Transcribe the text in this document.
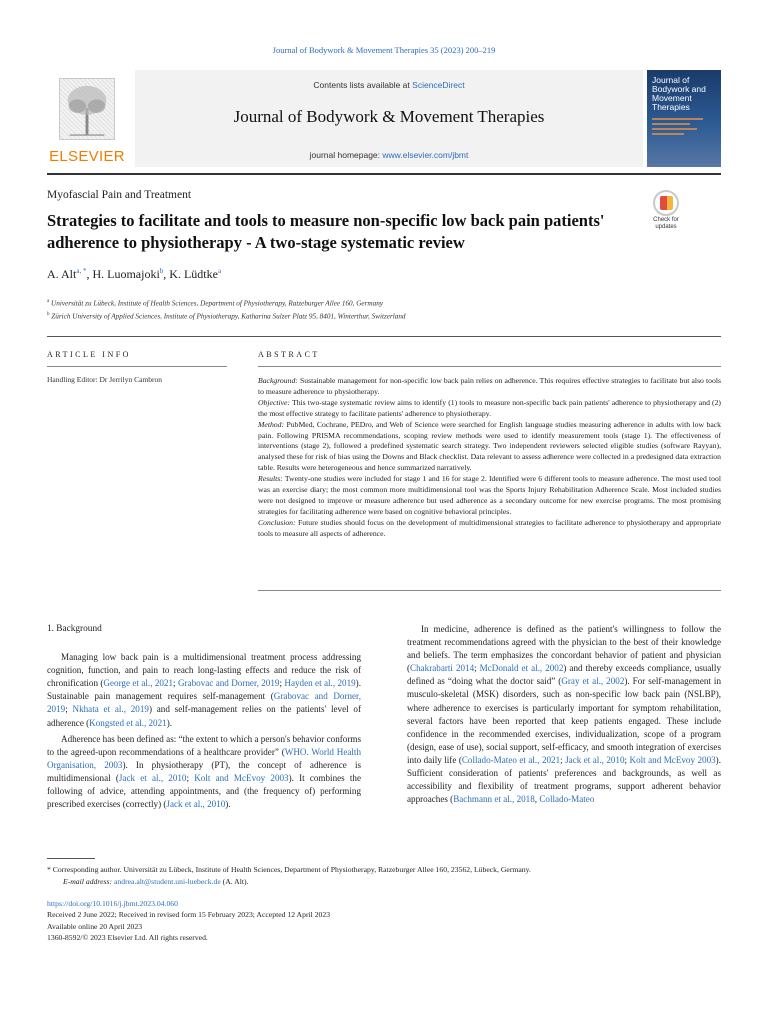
Journal of Bodywork & Movement Therapies 35 (2023) 200–219
ELSEVIER
Contents lists available at ScienceDirect
Journal of Bodywork & Movement Therapies
journal homepage: www.elsevier.com/jbmt
Journal of Bodywork and Movement Therapies
Myofascial Pain and Treatment
Strategies to facilitate and tools to measure non-specific low back pain patients' adherence to physiotherapy - A two-stage systematic review
Check for updates
A. Alt$^{a, *}$, H. Luomajoki$^b$, K. Lüdtke$^a$
$^a$ Universität zu Lübeck, Institute of Health Sciences, Department of Physiotherapy, Ratzeburger Allee 160, Germany
$^b$ Zürich University of Applied Sciences, Institute of Physiotherapy, Katharina Sulzer Platz 95, 8401, Winterthur, Switzerland
ARTICLE INFO	ABSTRACT
Handling Editor: Dr Jerrilyn Cambron	Background: Sustainable management for non-specific low back pain relies on adherence. This requires effective strategies to facilitate but also tools to measure adherence to physiotherapy.

Objective: This two-stage systematic review aims to identify (1) tools to measure non-specific back pain patients' adherence to physiotherapy and (2) the most effective strategy to facilitate patients' adherence to physiotherapy.

Method: PubMed, Cochrane, PEDro, and Web of Science were searched for English language studies measuring adherence in adults with low back pain. Following PRISMA recommendations, scoping review methods were used to identify measurement tools (stage 1). The effectiveness of interventions (stage 2), followed a predefined systematic search strategy. Two independent reviewers selected eligible studies (software Rayyan), analysed these for risk of bias using the Downs and Black checklist. Data relevant to assess adherence were collected in a predesigned data extraction table. Results were heterogeneous and hence summarized narratively.

Results: Twenty-one studies were included for stage 1 and 16 for stage 2. Identified were 6 different tools to measure adherence. The most used tool was an exercise diary; the most common more multidimensional tool was the Sports Injury Rehabilitation Adherence Scale. Most included studies were not designed to improve or measure adherence but used adherence as a secondary outcome for new exercise programs. The most promising strategies for facilitating adherence were based on cognitive behavioral principles.

Conclusion: Future studies should focus on the development of multidimensional strategies to facilitate adherence to physiotherapy and appropriate tools to measure all aspects of adherence.

1. Background

Managing low back pain is a multidimensional treatment process addressing cognition, function, and pain to reach long-lasting effects and reduce the risk of chronification (George et al., 2021; Grabovac and Dorner, 2019; Hayden et al., 2019). Sustainable pain management requires self-management (Grabovac and Dorner, 2019; Nkhata et al., 2019) and self-management relies on the patients' level of adherence (Kongsted et al., 2021).

Adherence has been defined as: “the extent to which a person's behavior conforms to the agreed-upon recommendations of a healthcare provider” (WHO. World Health Organisation, 2003). In physiotherapy (PT), the concept of adherence is multidimensional (Jack et al., 2010; Kolt and McEvoy 2003). It combines the following of advice, attending appointments, and (the frequency of) performing prescribed exercises (correctly) (Jack et al., 2010).

In medicine, adherence is defined as the patient's willingness to follow the treatment recommendations agreed with the physician to the best of their knowledge and beliefs. The term emphasizes the concordant behavior of patient and physician (Chakrabarti 2014; McDonald et al., 2002) and thereby exceeds compliance, usually defined as “doing what the doctor said” (Gray et al., 2002). For self-management in musculo-skeletal (MSK) disorders, such as non-specific low back pain (NSLBP), where adherence to exercises is particularly important for symptom rehabilitation, several factors have been reported that keep patients engaged. These include confidence in the recommended exercises, individualization, scope of a program (design, ease of use), social support, self-efficacy, and smooth integration of exercises into daily life (Collado-Mateo et al., 2021; Jack et al., 2010; Kolt and McEvoy 2003). Sufficient consideration of patients' preferences and backgrounds, as well as accessibility and flexibility of treatment programs, support adherent behavior approaches (Bachmann et al., 2018, Collado-Mateo

* Corresponding author. Universität zu Lübeck, Institute of Health Sciences, Department of Physiotherapy, Ratzeburger Allee 160, 23562, Lübeck, Germany.
E-mail address: andrea.alt@student.uni-luebeck.de (A. Alt).
https://doi.org/10.1016/j.jbmt.2023.04.060
Received 2 June 2022; Received in revised form 15 February 2023; Accepted 12 April 2023
Available online 20 April 2023
1360-8592/© 2023 Elsevier Ltd. All rights reserved.
